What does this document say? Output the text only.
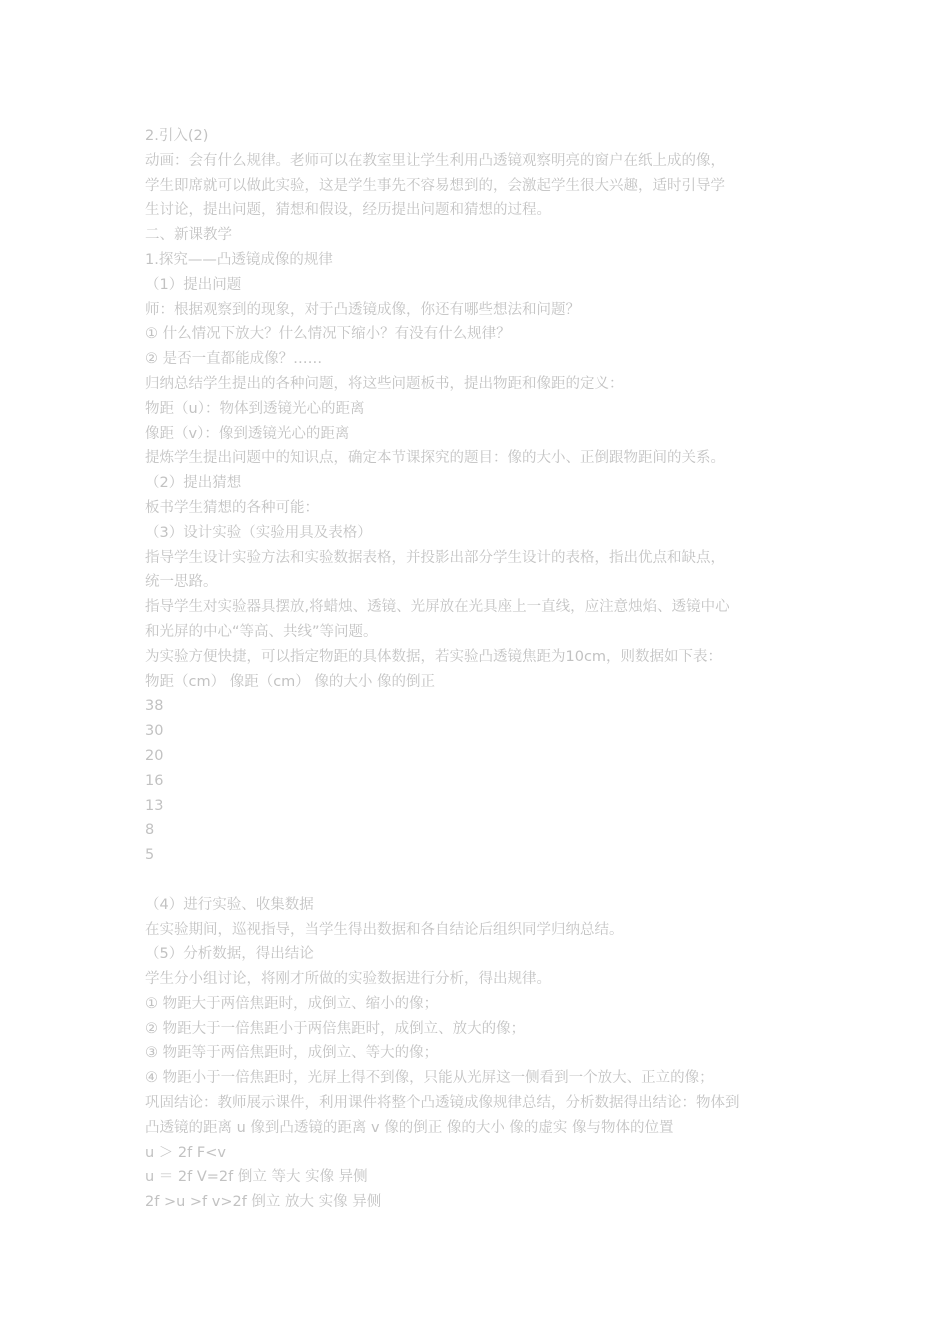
2.引入(2)
动画：会有什么规律。老师可以在教室里让学生利用凸透镜观察明亮的窗户在纸上成的像，
学生即席就可以做此实验，这是学生事先不容易想到的，会激起学生很大兴趣，适时引导学
生讨论，提出问题，猜想和假设，经历提出问题和猜想的过程。
二、新课教学
1.探究——凸透镜成像的规律
（1）提出问题
师：根据观察到的现象，对于凸透镜成像，你还有哪些想法和问题？
① 什么情况下放大？什么情况下缩小？有没有什么规律？
② 是否一直都能成像？……
归纳总结学生提出的各种问题，将这些问题板书，提出物距和像距的定义：
物距（u）：物体到透镜光心的距离
像距（v）：像到透镜光心的距离
提炼学生提出问题中的知识点，确定本节课探究的题目：像的大小、正倒跟物距间的关系。
（2）提出猜想
板书学生猜想的各种可能：
（3）设计实验（实验用具及表格）
指导学生设计实验方法和实验数据表格，并投影出部分学生设计的表格，指出优点和缺点，
统一思路。
指导学生对实验器具摆放,将蜡烛、透镜、光屏放在光具座上一直线，应注意烛焰、透镜中心
和光屏的中心“等高、共线”等问题。
为实验方便快捷，可以指定物距的具体数据，若实验凸透镜焦距为10cm，则数据如下表：
物距（cm） 像距（cm） 像的大小 像的倒正
38
30
20
16
13
8
5
（4）进行实验、收集数据
在实验期间，巡视指导，当学生得出数据和各自结论后组织同学归纳总结。
（5）分析数据，得出结论
学生分小组讨论，将刚才所做的实验数据进行分析，得出规律。
① 物距大于两倍焦距时，成倒立、缩小的像；
② 物距大于一倍焦距小于两倍焦距时，成倒立、放大的像；
③ 物距等于两倍焦距时，成倒立、等大的像；
④ 物距小于一倍焦距时，光屏上得不到像，只能从光屏这一侧看到一个放大、正立的像；
巩固结论：教师展示课件，利用课件将整个凸透镜成像规律总结，分析数据得出结论：物体到
凸透镜的距离 u 像到凸透镜的距离 v 像的倒正 像的大小 像的虚实 像与物体的位置
u ＞ 2f F<v
u ＝ 2f V=2f 倒立 等大 实像 异侧
2f >u >f v>2f 倒立 放大 实像 异侧
